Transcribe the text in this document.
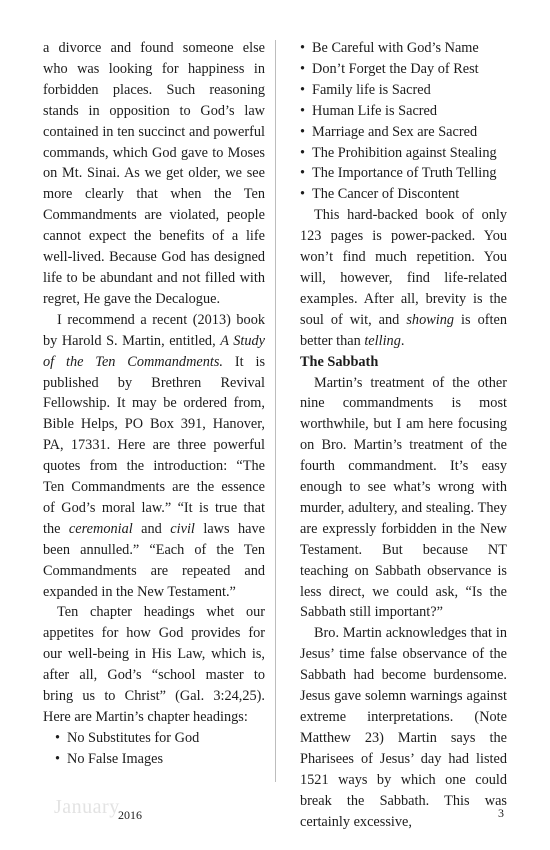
a divorce and found someone else who was looking for happiness in forbidden places. Such reasoning stands in opposition to God’s law contained in ten succinct and powerful commands, which God gave to Moses on Mt. Sinai. As we get older, we see more clearly that when the Ten Commandments are violated, people cannot expect the benefits of a life well-lived. Because God has designed life to be abundant and not filled with regret, He gave the Decalogue.

I recommend a recent (2013) book by Harold S. Martin, entitled, A Study of the Ten Commandments. It is published by Brethren Revival Fellowship. It may be ordered from, Bible Helps, PO Box 391, Hanover, PA, 17331. Here are three powerful quotes from the introduction: “The Ten Commandments are the essence of God’s moral law.” “It is true that the ceremonial and civil laws have been annulled.” “Each of the Ten Commandments are repeated and expanded in the New Testament.”

Ten chapter headings whet our appetites for how God provides for our well-being in His Law, which is, after all, God’s “school master to bring us to Christ” (Gal. 3:24,25). Here are Martin’s chapter headings:

• No Substitutes for God
• No False Images
• Be Careful with God’s Name
• Don’t Forget the Day of Rest
• Family life is Sacred
• Human Life is Sacred
• Marriage and Sex are Sacred
• The Prohibition against Stealing
• The Importance of Truth Telling
• The Cancer of Discontent

This hard-backed book of only 123 pages is power-packed. You won’t find much repetition. You will, however, find life-related examples. After all, brevity is the soul of wit, and showing is often better than telling.

The Sabbath

Martin’s treatment of the other nine commandments is most worthwhile, but I am here focusing on Bro. Martin’s treatment of the fourth commandment. It’s easy enough to see what’s wrong with murder, adultery, and stealing. They are expressly forbidden in the New Testament. But because NT teaching on Sabbath observance is less direct, we could ask, “Is the Sabbath still important?”

Bro. Martin acknowledges that in Jesus’ time false observance of the Sabbath had become burdensome. Jesus gave solemn warnings against extreme interpretations. (Note Matthew 23) Martin says the Pharisees of Jesus’ day had listed 1521 ways by which one could break the Sabbath. This was certainly excessive,

January
2016	3
